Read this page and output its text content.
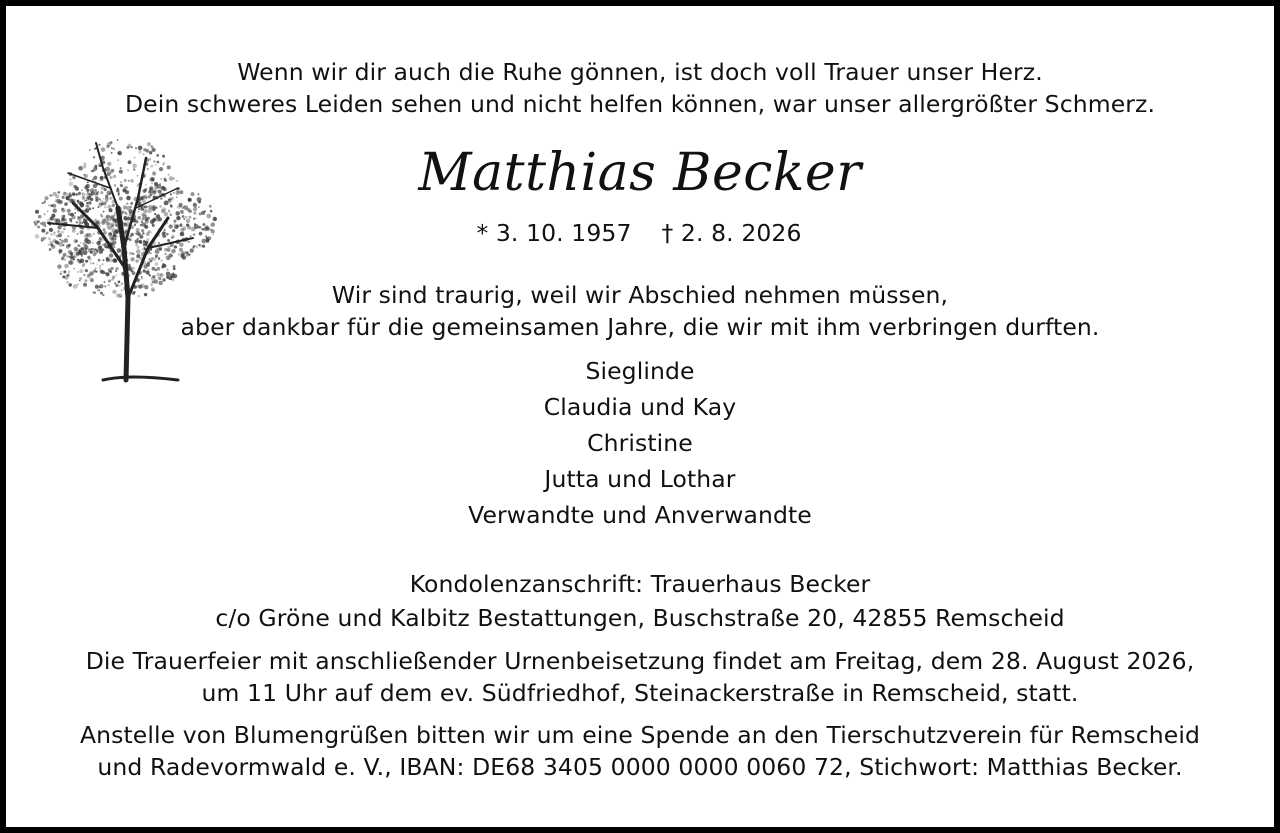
Wenn wir dir auch die Ruhe gönnen, ist doch voll Trauer unser Herz.
Dein schweres Leiden sehen und nicht helfen können, war unser allergrößter Schmerz.
Matthias Becker
* 3. 10. 1957 † 2. 8. 2026
Wir sind traurig, weil wir Abschied nehmen müssen,
aber dankbar für die gemeinsamen Jahre, die wir mit ihm verbringen durften.
Sieglinde
Claudia und Kay
Christine
Jutta und Lothar
Verwandte und Anverwandte
Kondolenzanschrift: Trauerhaus Becker
c/o Gröne und Kalbitz Bestattungen, Buschstraße 20, 42855 Remscheid
Die Trauerfeier mit anschließender Urnenbeisetzung findet am Freitag, dem 28. August 2026,
um 11 Uhr auf dem ev. Südfriedhof, Steinackerstraße in Remscheid, statt.
Anstelle von Blumengrüßen bitten wir um eine Spende an den Tierschutzverein für Remscheid
und Radevormwald e. V., IBAN: DE68 3405 0000 0000 0060 72, Stichwort: Matthias Becker.
